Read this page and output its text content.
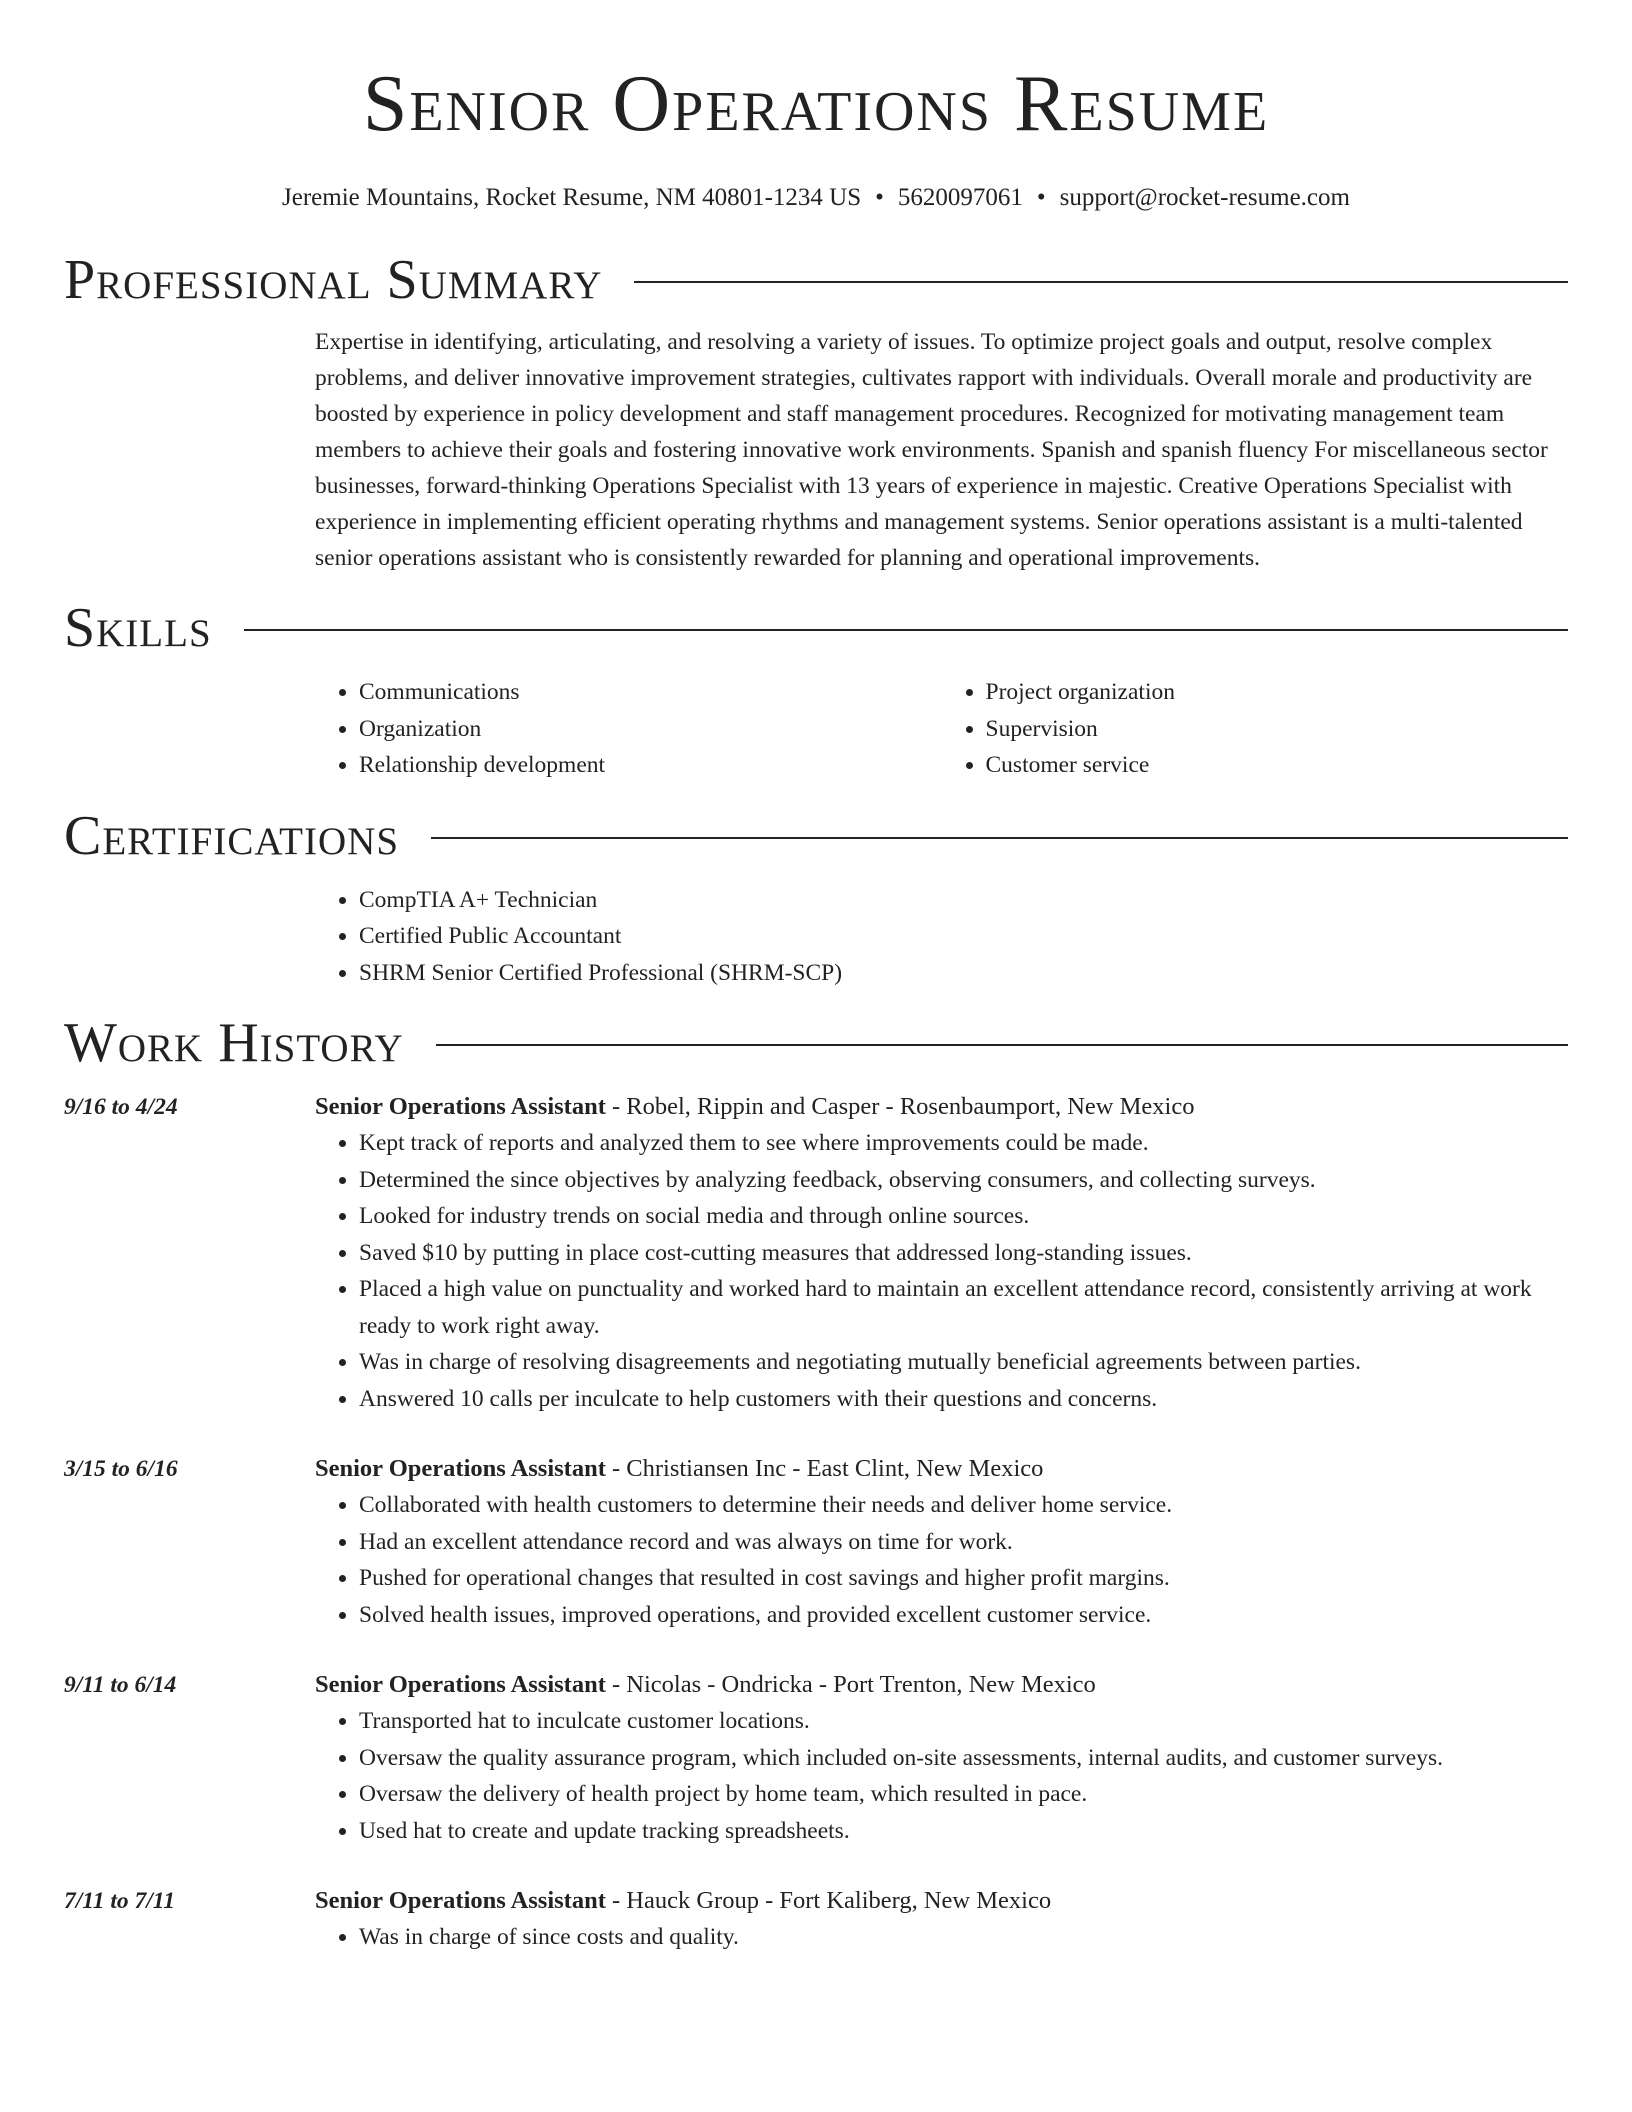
Senior Operations Resume
Jeremie Mountains, Rocket Resume, NM 40801-1234 US • 5620097061 • support@rocket-resume.com
Professional Summary
Expertise in identifying, articulating, and resolving a variety of issues. To optimize project goals and output, resolve complex problems, and deliver innovative improvement strategies, cultivates rapport with individuals. Overall morale and productivity are boosted by experience in policy development and staff management procedures. Recognized for motivating management team members to achieve their goals and fostering innovative work environments. Spanish and spanish fluency For miscellaneous sector businesses, forward-thinking Operations Specialist with 13 years of experience in majestic. Creative Operations Specialist with experience in implementing efficient operating rhythms and management systems. Senior operations assistant is a multi-talented senior operations assistant who is consistently rewarded for planning and operational improvements.
Skills
• Communications
• Organization
• Relationship development
• Project organization
• Supervision
• Customer service
Certifications
• CompTIA A+ Technician
• Certified Public Accountant
• SHRM Senior Certified Professional (SHRM-SCP)
Work History
9/16 to 4/24	Senior Operations Assistant - Robel, Rippin and Casper - Rosenbaumport, New Mexico
• Kept track of reports and analyzed them to see where improvements could be made.
• Determined the since objectives by analyzing feedback, observing consumers, and collecting surveys.
• Looked for industry trends on social media and through online sources.
• Saved $10 by putting in place cost-cutting measures that addressed long-standing issues.
• Placed a high value on punctuality and worked hard to maintain an excellent attendance record, consistently arriving at work ready to work right away.
• Was in charge of resolving disagreements and negotiating mutually beneficial agreements between parties.
• Answered 10 calls per inculcate to help customers with their questions and concerns.
3/15 to 6/16	Senior Operations Assistant - Christiansen Inc - East Clint, New Mexico
• Collaborated with health customers to determine their needs and deliver home service.
• Had an excellent attendance record and was always on time for work.
• Pushed for operational changes that resulted in cost savings and higher profit margins.
• Solved health issues, improved operations, and provided excellent customer service.
9/11 to 6/14	Senior Operations Assistant - Nicolas - Ondricka - Port Trenton, New Mexico
• Transported hat to inculcate customer locations.
• Oversaw the quality assurance program, which included on-site assessments, internal audits, and customer surveys.
• Oversaw the delivery of health project by home team, which resulted in pace.
• Used hat to create and update tracking spreadsheets.
7/11 to 7/11	Senior Operations Assistant - Hauck Group - Fort Kaliberg, New Mexico
• Was in charge of since costs and quality.
